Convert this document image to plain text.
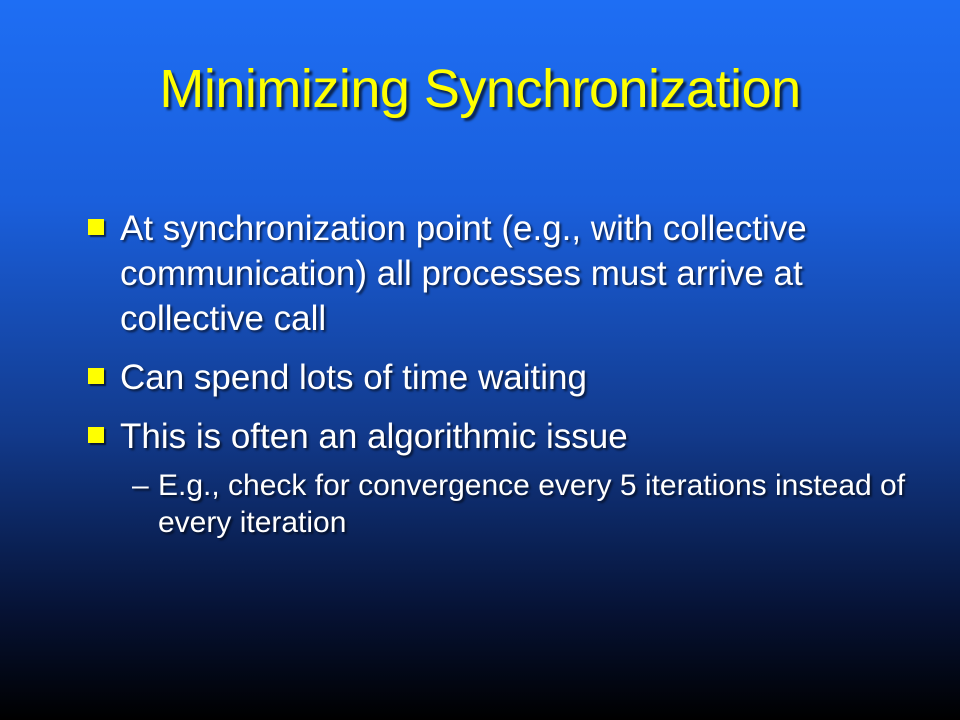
Minimizing Synchronization
At synchronization point (e.g., with collective communication) all processes must arrive at collective call
Can spend lots of time waiting
This is often an algorithmic issue
– E.g., check for convergence every 5 iterations instead of every iteration
